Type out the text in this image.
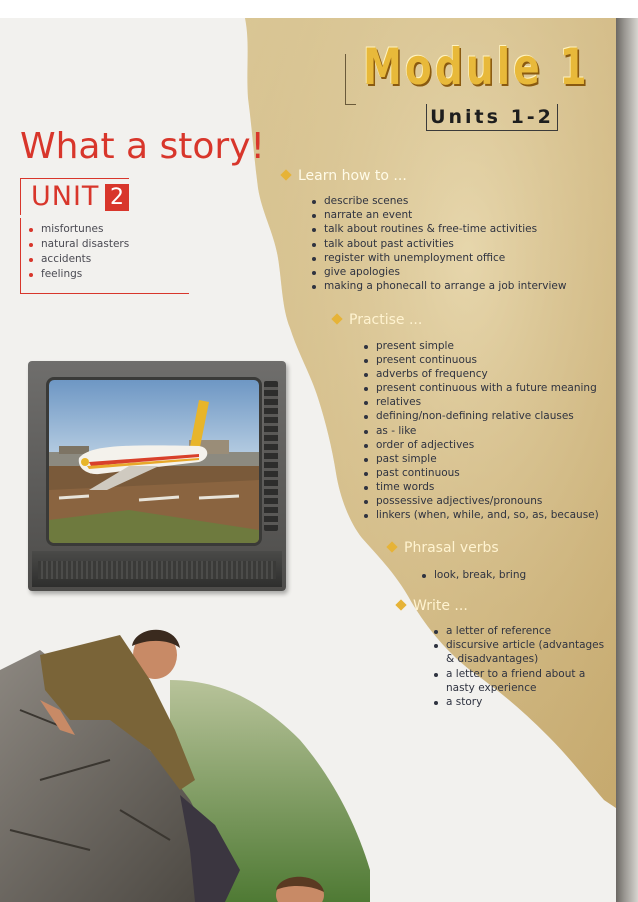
Module 1
Units 1-2
What a story!
UNIT 2
misfortunes
natural disasters
accidents
feelings
Learn how to ...
describe scenes
narrate an event
talk about routines & free-time activities
talk about past activities
register with unemployment office
give apologies
making a phonecall to arrange a job interview
Practise ...
present simple
present continuous
adverbs of frequency
present continuous with a future meaning
relatives
defining/non-defining relative clauses
as - like
order of adjectives
past simple
past continuous
time words
possessive adjectives/pronouns
linkers (when, while, and, so, as, because)
Phrasal verbs
look, break, bring
Write ...
a letter of reference
discursive article (advantages & disadvantages)
a letter to a friend about a nasty experience
a story
